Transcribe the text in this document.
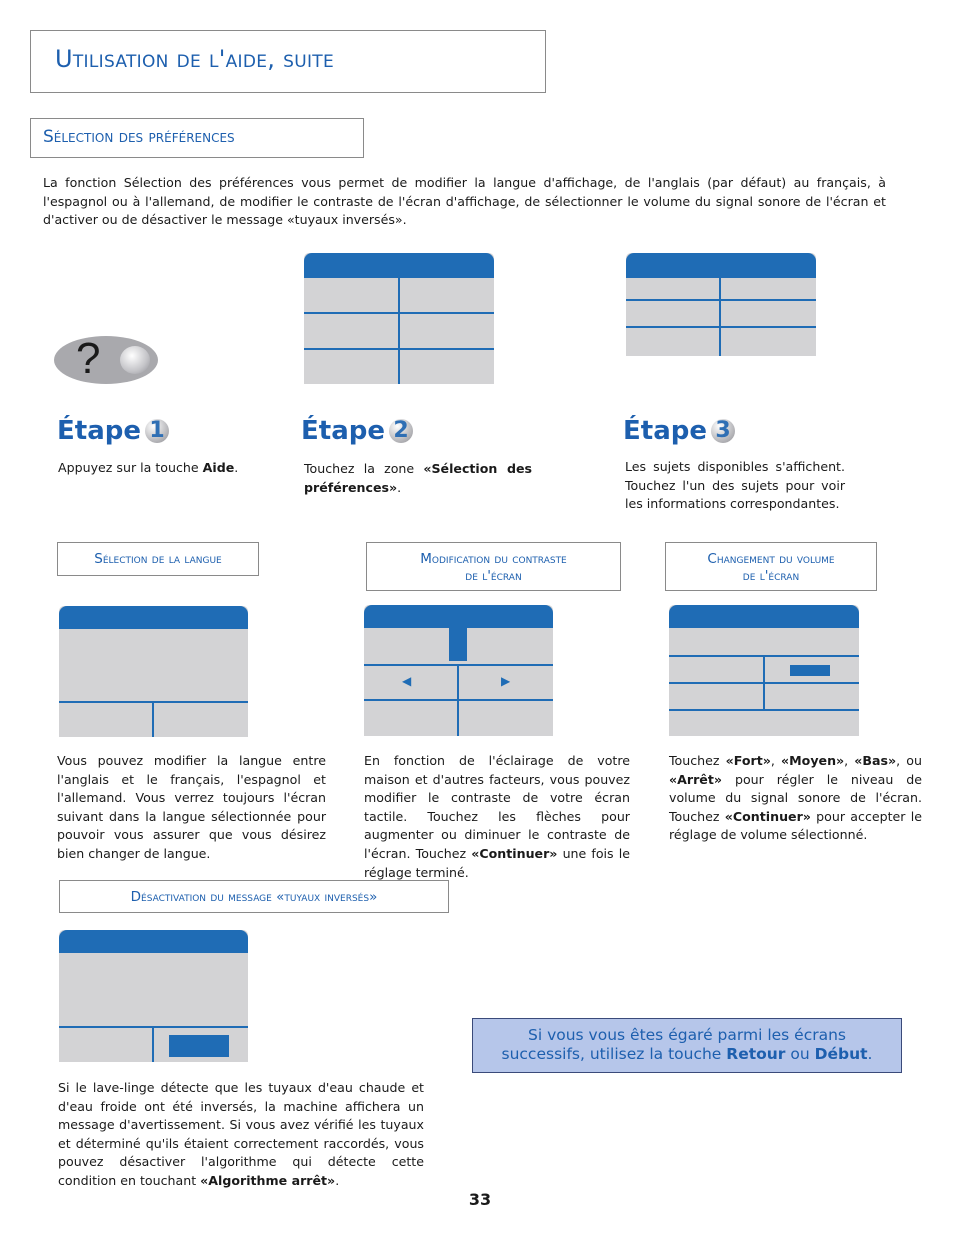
Utilisation de l'aide, suite
Sélection des préférences
La fonction Sélection des préférences vous permet de modifier la langue d'affichage, de l'anglais (par défaut) au français, à l'espagnol ou à l'allemand, de modifier le contraste de l'écran d'affichage, de sélectionner le volume du signal sonore de l'écran et d'activer ou de désactiver le message «tuyaux inversés».
?
Étape 1	Étape 2	Étape 3
Appuyez sur la touche Aide.	Touchez la zone «Sélection des préférences».
Les sujets disponibles s'affichent. Touchez l'un des sujets pour voir les informations correspondantes.
Sélection de la langue	Modification du contraste
de l'écran
Changement du volume
de l'écran
◀	▶
Vous pouvez modifier la langue entre l'anglais et le français, l'espagnol et l'allemand. Vous verrez toujours l'écran suivant dans la langue sélectionnée pour pouvoir vous assurer que vous désirez bien changer de langue.
En fonction de l'éclairage de votre maison et d'autres facteurs, vous pouvez modifier le contraste de votre écran tactile. Touchez les flèches pour augmenter ou diminuer le contraste de l'écran. Touchez «Continuer» une fois le réglage terminé.
Touchez «Fort», «Moyen», «Bas», ou «Arrêt» pour régler le niveau de volume du signal sonore de l'écran. Touchez «Continuer» pour accepter le réglage de volume sélectionné.
Désactivation du message «tuyaux inversés»
Si le lave-linge détecte que les tuyaux d'eau chaude et d'eau froide ont été inversés, la machine affichera un message d'avertissement. Si vous avez vérifié les tuyaux et déterminé qu'ils étaient correctement raccordés, vous pouvez désactiver l'algorithme qui détecte cette condition en touchant «Algorithme arrêt».
Si vous vous êtes égaré parmi les écrans
successifs, utilisez la touche Retour ou Début.
33
